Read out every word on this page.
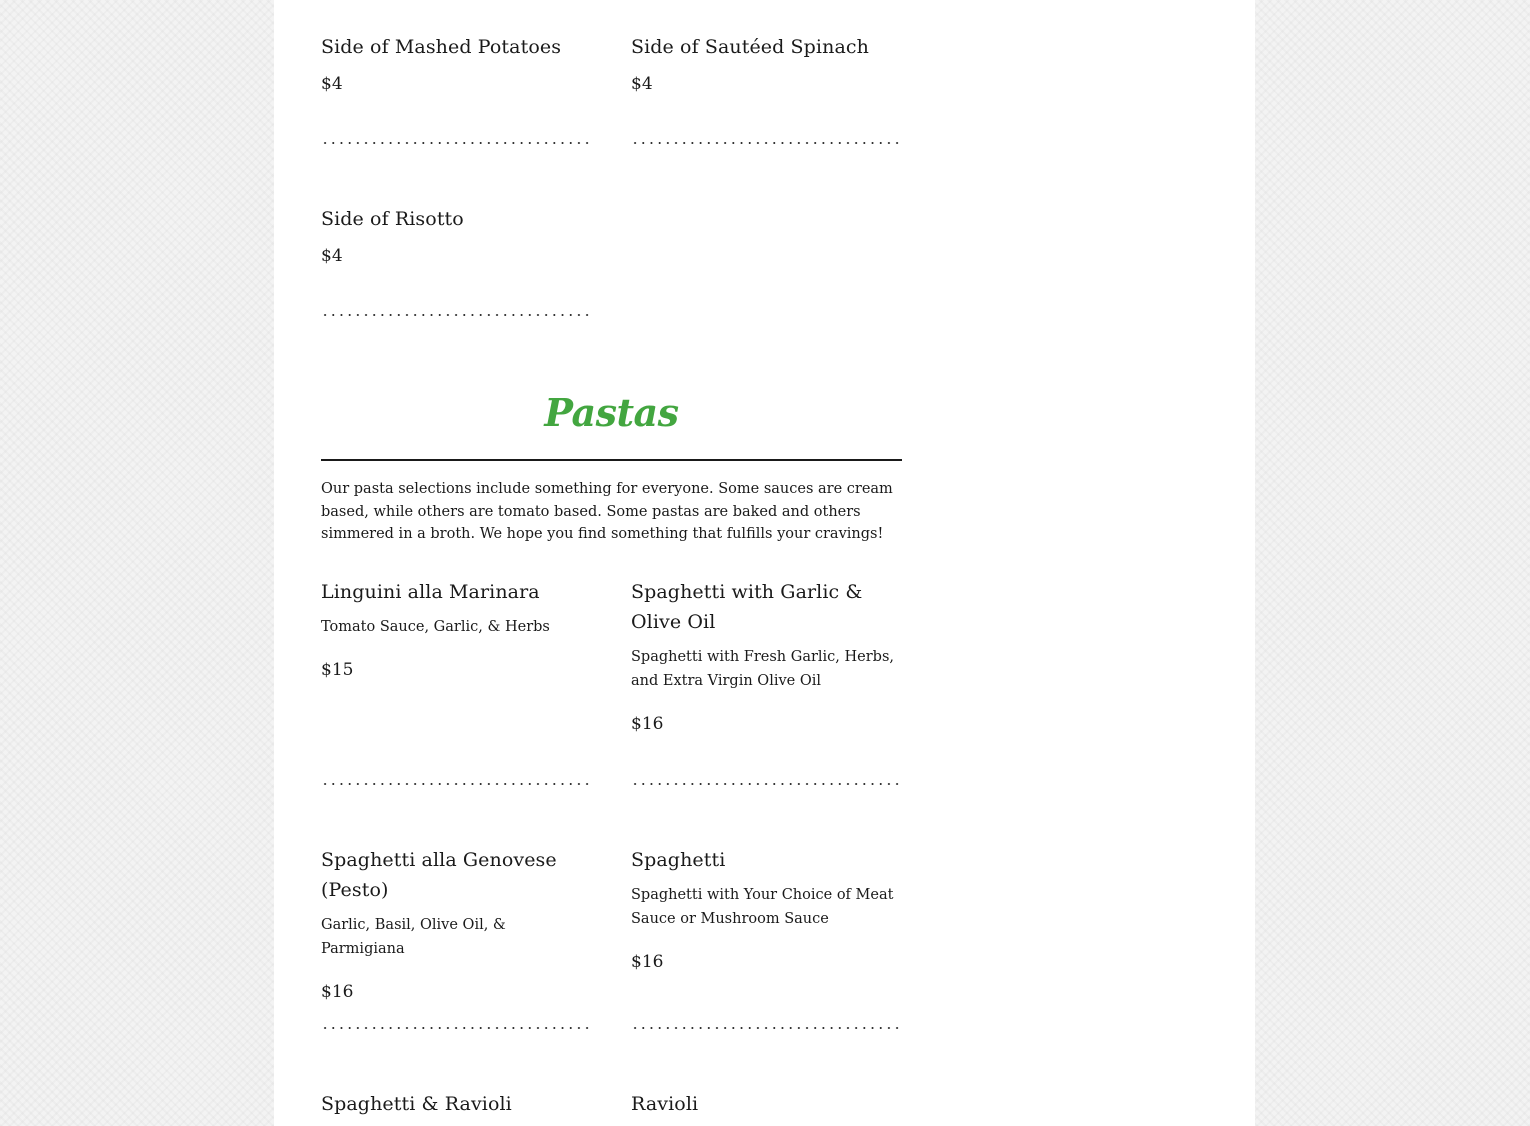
Side of Mashed Potatoes

$4

Side of Sautéed Spinach

$4

Side of Risotto

$4

Pastas

Our pasta selections include something for everyone. Some sauces are cream based, while others are tomato based. Some pastas are baked and others simmered in a broth. We hope you find something that fulfills your cravings!

Linguini alla Marinara

Tomato Sauce, Garlic, & Herbs

$15

Spaghetti with Garlic & Olive Oil

Spaghetti with Fresh Garlic, Herbs, and Extra Virgin Olive Oil

$16

Spaghetti alla Genovese (Pesto)

Garlic, Basil, Olive Oil, & Parmigiana

$16

Spaghetti

Spaghetti with Your Choice of Meat Sauce or Mushroom Sauce

$16

Spaghetti & Ravioli	Ravioli
